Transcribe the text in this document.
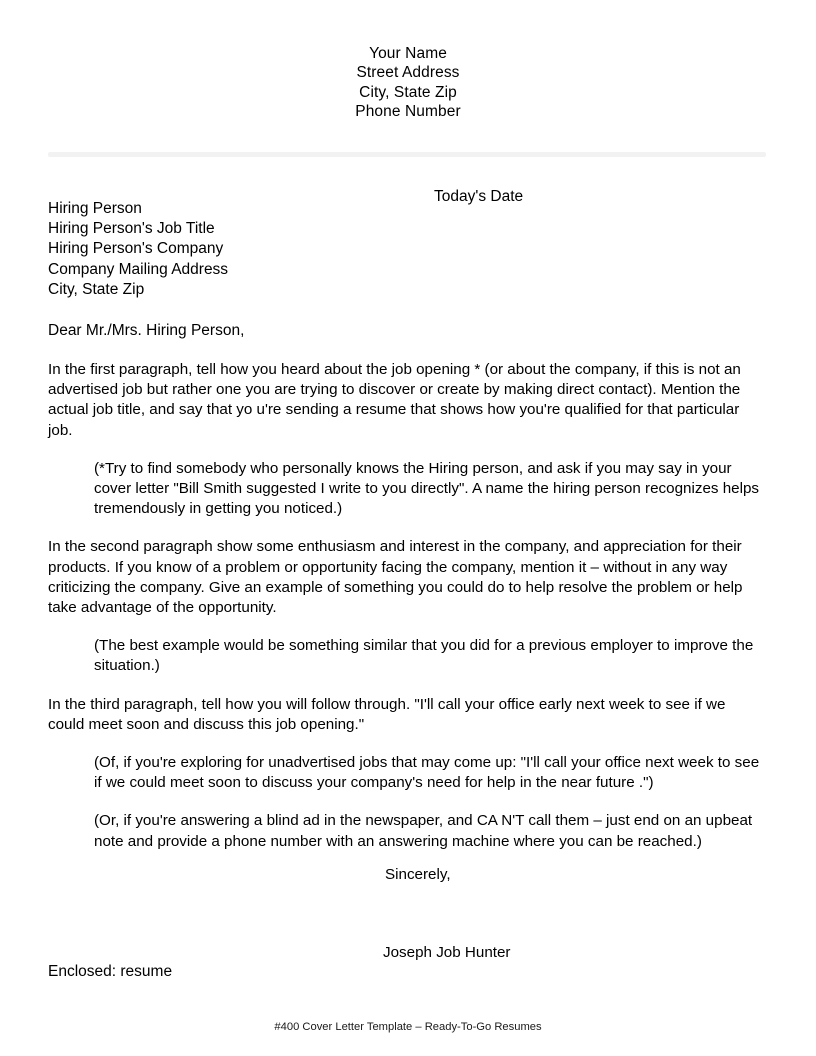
Your Name
Street Address
City, State Zip
Phone Number
Today's Date
Hiring Person
Hiring Person's Job Title
Hiring Person's Company
Company Mailing Address
City, State Zip
Dear Mr./Mrs. Hiring Person,

In the first paragraph, tell how you heard about the job opening * (or about the company, if this is not an advertised job but rather one you are trying to discover or create by making direct contact). Mention the actual job title, and say that yo u're sending a resume that shows how you're qualified for that particular job.

(*Try to find somebody who personally knows the Hiring person, and ask if you may say in your cover letter "Bill Smith suggested I write to you directly". A name the hiring person recognizes helps tremendously in getting you noticed.)

In the second paragraph show some enthusiasm and interest in the company, and appreciation for their products. If you know of a problem or opportunity facing the company, mention it – without in any way criticizing the company. Give an example of something you could do to help resolve the problem or help take advantage of the opportunity.

(The best example would be something similar that you did for a previous employer to improve the situation.)

In the third paragraph, tell how you will follow through. "I'll call your office early next week to see if we could meet soon and discuss this job opening."

(Of, if you're exploring for unadvertised jobs that may come up: "I'll call your office next week to see if we could meet soon to discuss your company's need for help in the near future .")

(Or, if you're answering a blind ad in the newspaper, and CA N'T call them – just end on an upbeat note and provide a phone number with an answering machine where you can be reached.)

Sincerely,
Joseph Job Hunter
Enclosed: resume
#400 Cover Letter Template – Ready-To-Go Resumes
